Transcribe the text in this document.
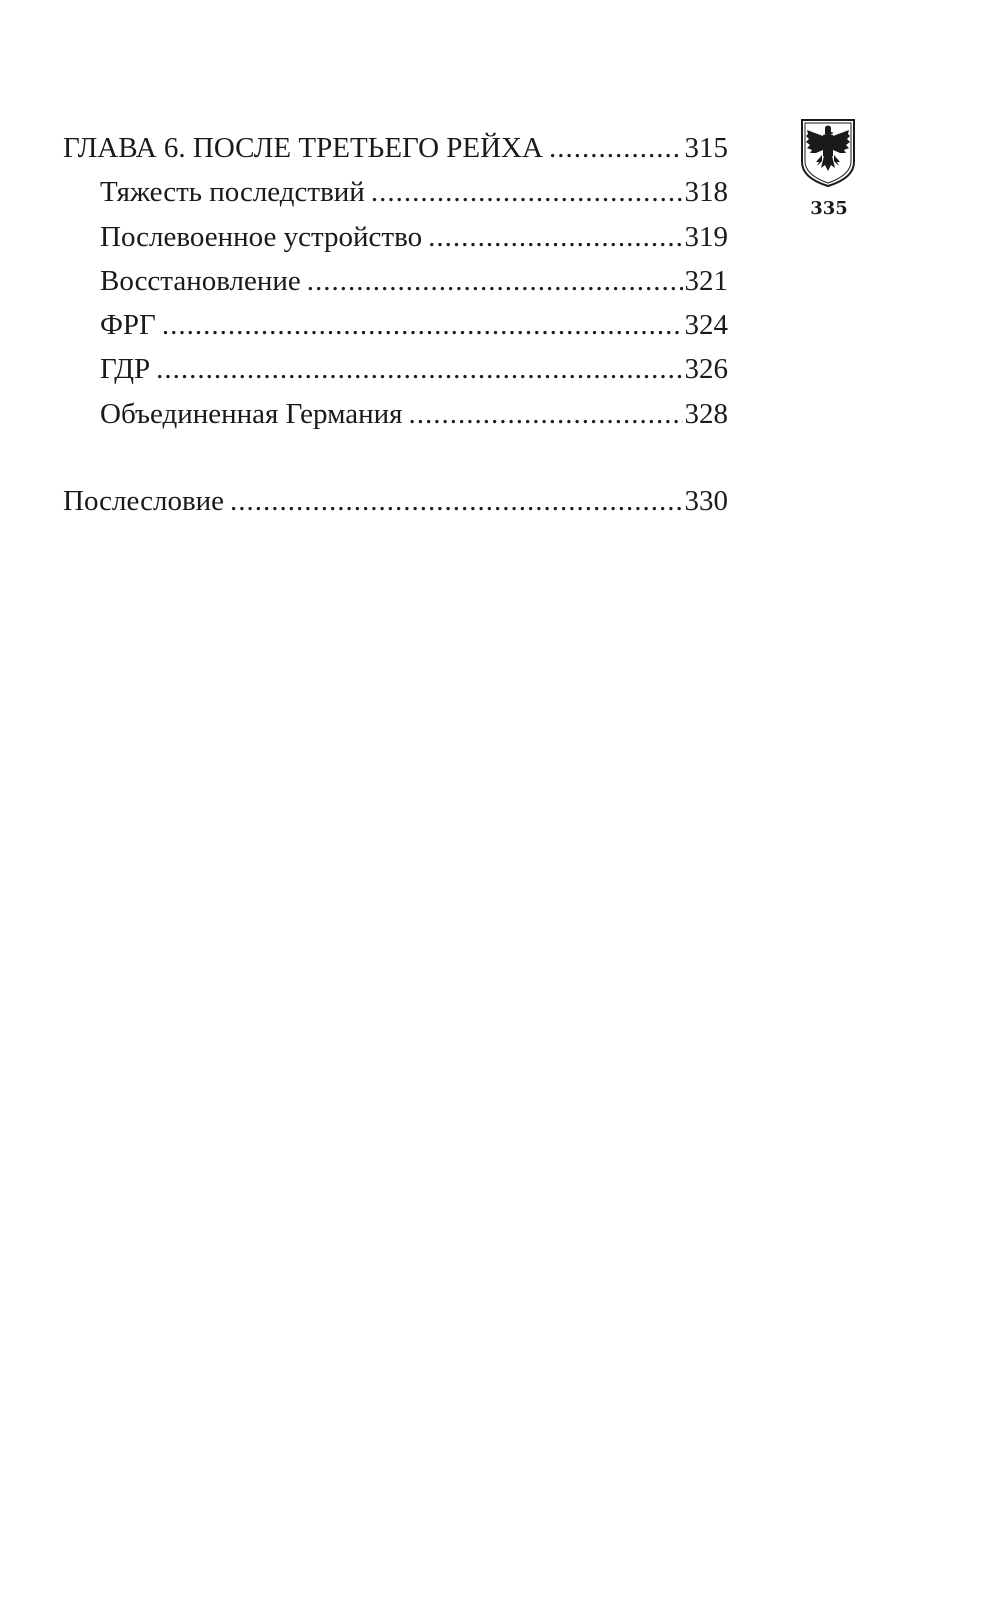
ГЛАВА 6. ПОСЛЕ ТРЕТЬЕГО РЕЙХА .....	315
Тяжесть последствий .....	318
Послевоенное устройство .....	319
Восстановление .....	321
ФРГ .....	324
ГДР .....	326
Объединенная Германия .....	328
Послесловие .....	330
335
